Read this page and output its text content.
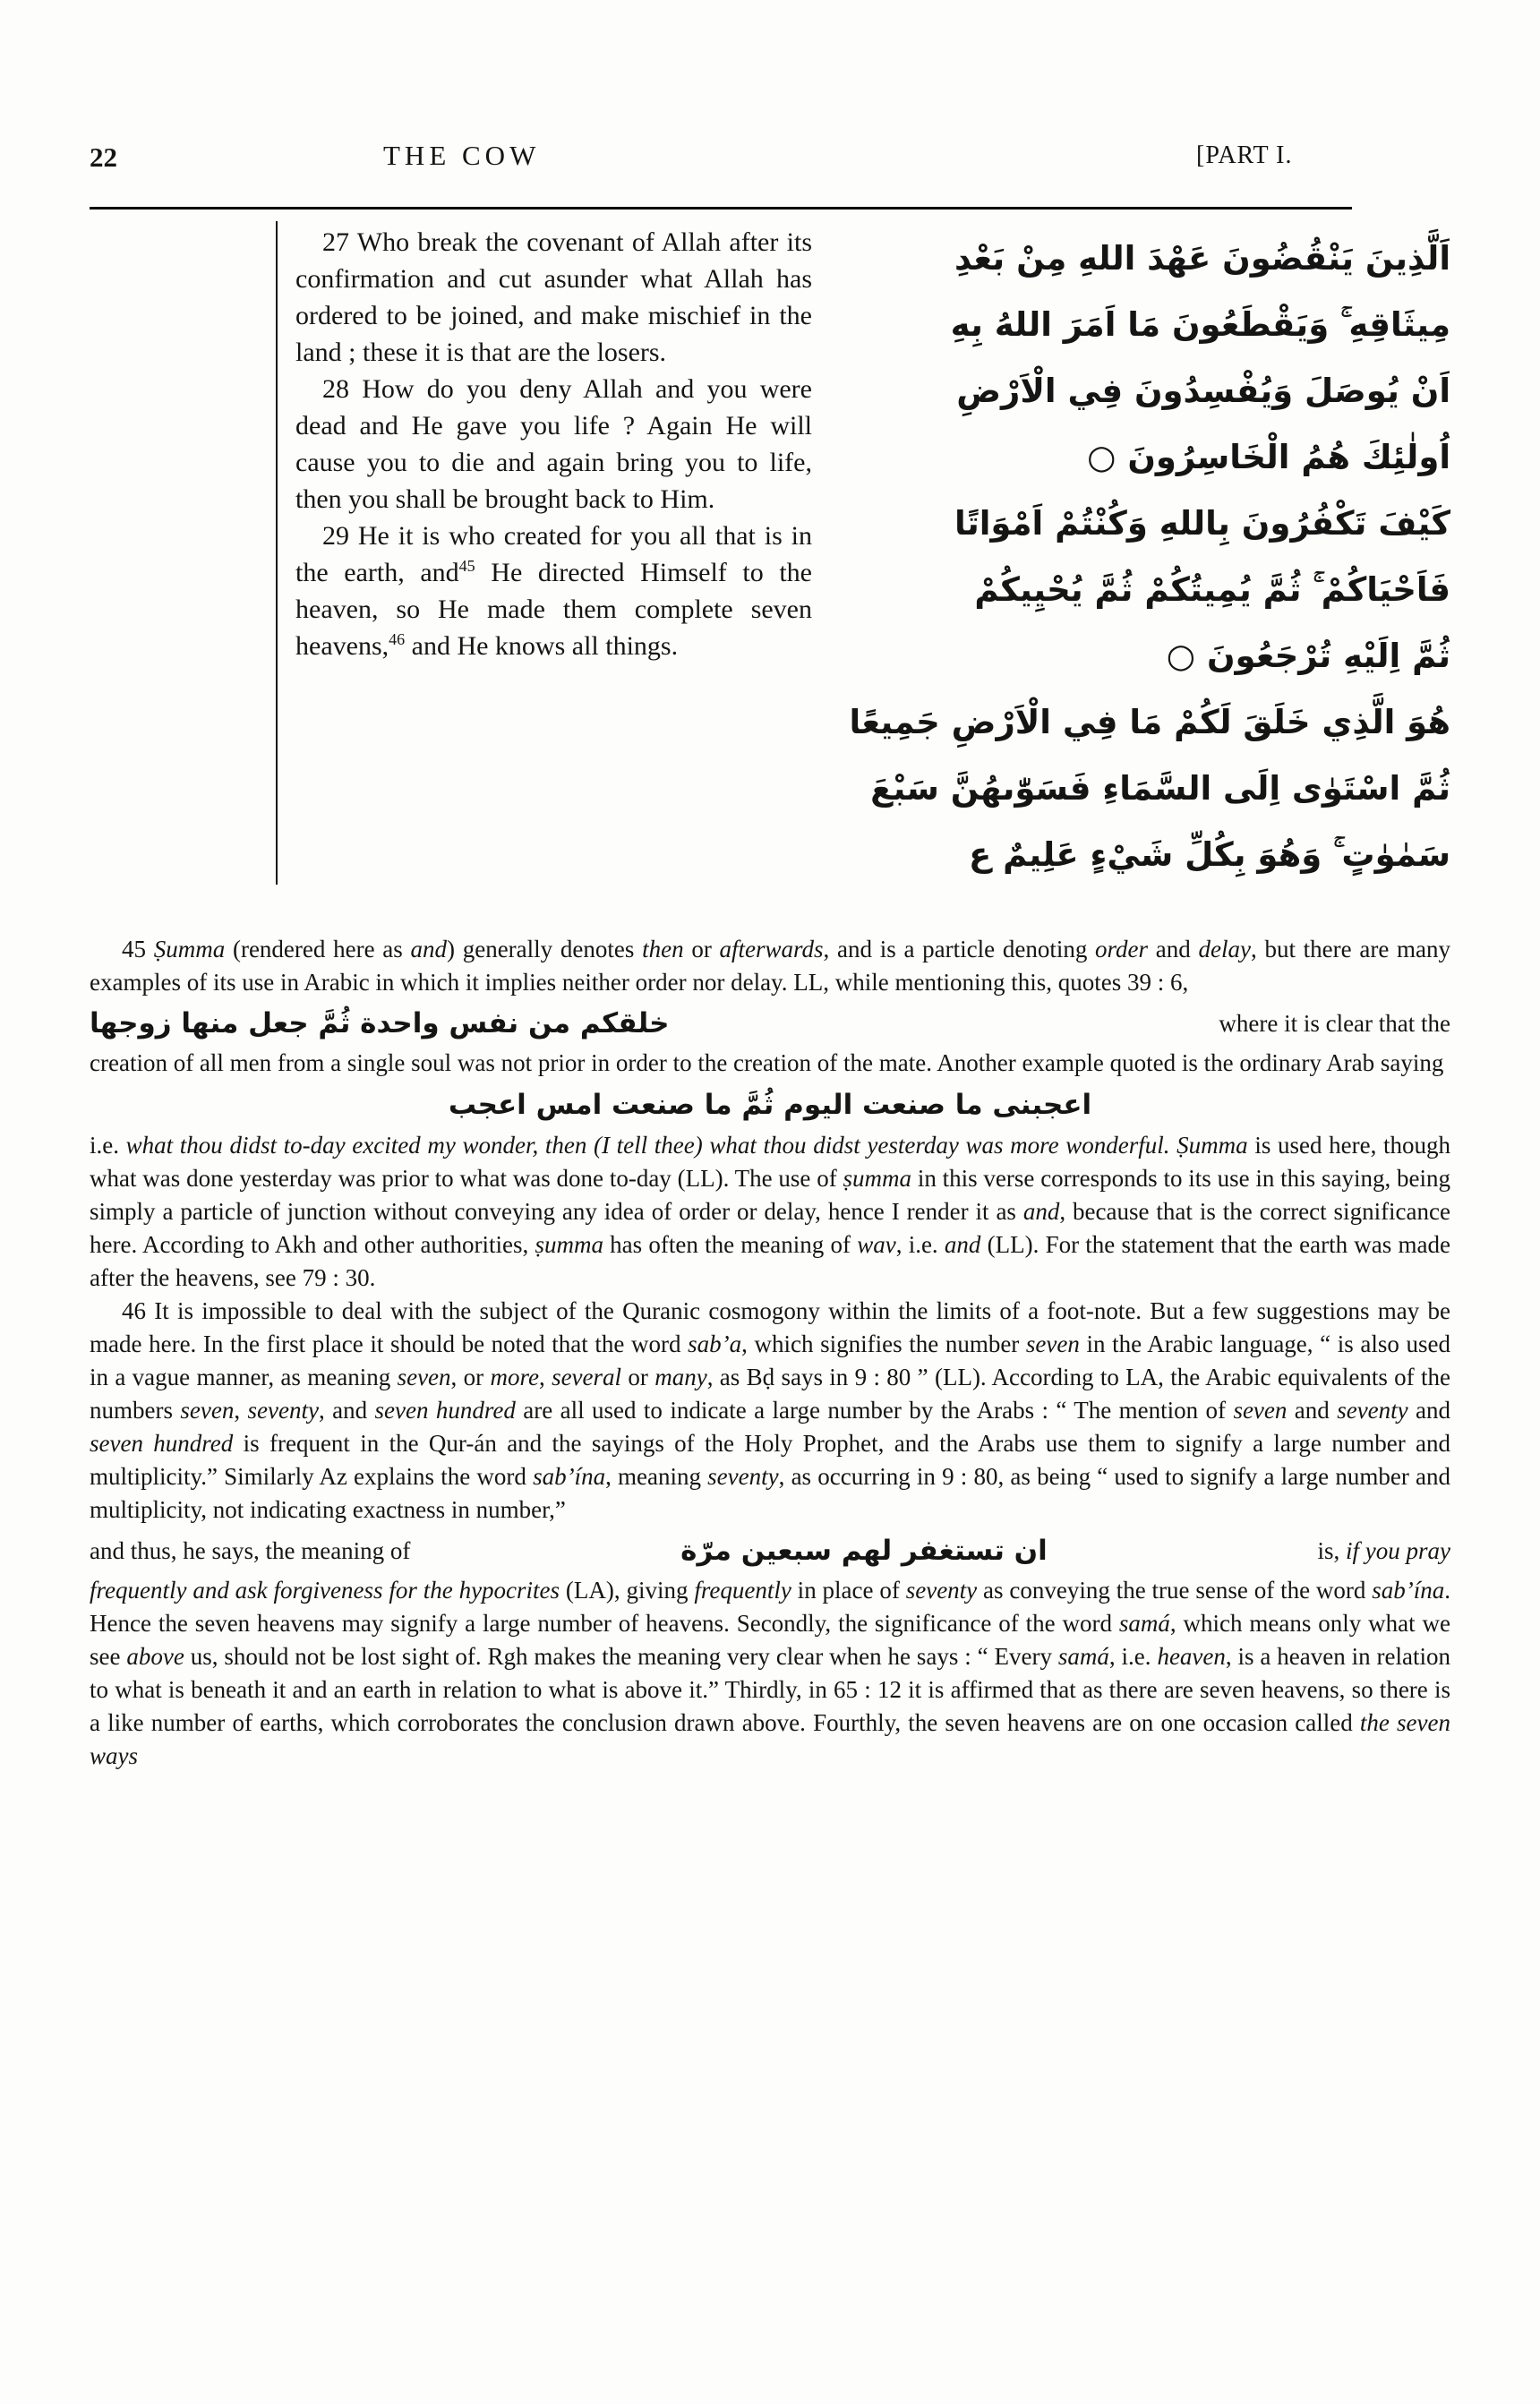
22	THE COW	[PART I.

27 Who break the covenant of Allah after its confirmation and cut asunder what Allah has ordered to be joined, and make mischief in the land ; these it is that are the losers.

28 How do you deny Allah and you were dead and He gave you life ? Again He will cause you to die and again bring you to life, then you shall be brought back to Him.

29 He it is who created for you all that is in the earth, and$^{45}$ He directed Himself to the heaven, so He made them complete seven heavens,$^{46}$ and He knows all things.

اَلَّذِينَ يَنْقُضُونَ عَهْدَ اللهِ مِنْ بَعْدِ
مِيثَاقِهِ ۚ وَيَقْطَعُونَ مَا اَمَرَ اللهُ بِهِ
اَنْ يُوصَلَ وَيُفْسِدُونَ فِي الْاَرْضِ
اُولٰئِكَ هُمُ الْخَاسِرُونَ ○
كَيْفَ تَكْفُرُونَ بِاللهِ وَكُنْتُمْ اَمْوَاتًا
فَاَحْيَاكُمْ ۚ ثُمَّ يُمِيتُكُمْ ثُمَّ يُحْيِيكُمْ
ثُمَّ اِلَيْهِ تُرْجَعُونَ ○
هُوَ الَّذِي خَلَقَ لَكُمْ مَا فِي الْاَرْضِ جَمِيعًا
ثُمَّ اسْتَوٰى اِلَى السَّمَاءِ فَسَوّٰىهُنَّ سَبْعَ
سَمٰوٰتٍ ۚ وَهُوَ بِكُلِّ شَيْءٍ عَلِيمٌ ع

45 Ṣumma (rendered here as and) generally denotes then or afterwards, and is a particle denoting order and delay, but there are many examples of its use in Arabic in which it implies neither order nor delay. LL, while mentioning this, quotes 39 : 6,

خلقكم من نفس واحدة ثُمَّ جعل منها زوجها	where it is clear that the

creation of all men from a single soul was not prior in order to the creation of the mate. Another example quoted is the ordinary Arab saying

اعجبنى ما صنعت اليوم ثُمَّ ما صنعت امس اعجب

i.e. what thou didst to-day excited my wonder, then (I tell thee) what thou didst yesterday was more wonderful. Ṣumma is used here, though what was done yesterday was prior to what was done to-day (LL). The use of ṣumma in this verse corresponds to its use in this saying, being simply a particle of junction without conveying any idea of order or delay, hence I render it as and, because that is the correct significance here. According to Akh and other authorities, ṣumma has often the meaning of wav, i.e. and (LL). For the statement that the earth was made after the heavens, see 79 : 30.

46 It is impossible to deal with the subject of the Quranic cosmogony within the limits of a foot-note. But a few suggestions may be made here. In the first place it should be noted that the word sab’a, which signifies the number seven in the Arabic language, “ is also used in a vague manner, as meaning seven, or more, several or many, as Bḍ says in 9 : 80 ” (LL). According to LA, the Arabic equivalents of the numbers seven, seventy, and seven hundred are all used to indicate a large number by the Arabs : “ The mention of seven and seventy and seven hundred is frequent in the Qur-án and the sayings of the Holy Prophet, and the Arabs use them to signify a large number and multiplicity.” Similarly Az explains the word sab’ína, meaning seventy, as occurring in 9 : 80, as being “ used to signify a large number and multiplicity, not indicating exactness in number,”

and thus, he says, the meaning of	ان تستغفر لهم سبعين مرّة	is, if you pray

frequently and ask forgiveness for the hypocrites (LA), giving frequently in place of seventy as conveying the true sense of the word sab’ína. Hence the seven heavens may signify a large number of heavens. Secondly, the significance of the word samá, which means only what we see above us, should not be lost sight of. Rgh makes the meaning very clear when he says : “ Every samá, i.e. heaven, is a heaven in relation to what is beneath it and an earth in relation to what is above it.” Thirdly, in 65 : 12 it is affirmed that as there are seven heavens, so there is a like number of earths, which corroborates the conclusion drawn above. Fourthly, the seven heavens are on one occasion called the seven ways
